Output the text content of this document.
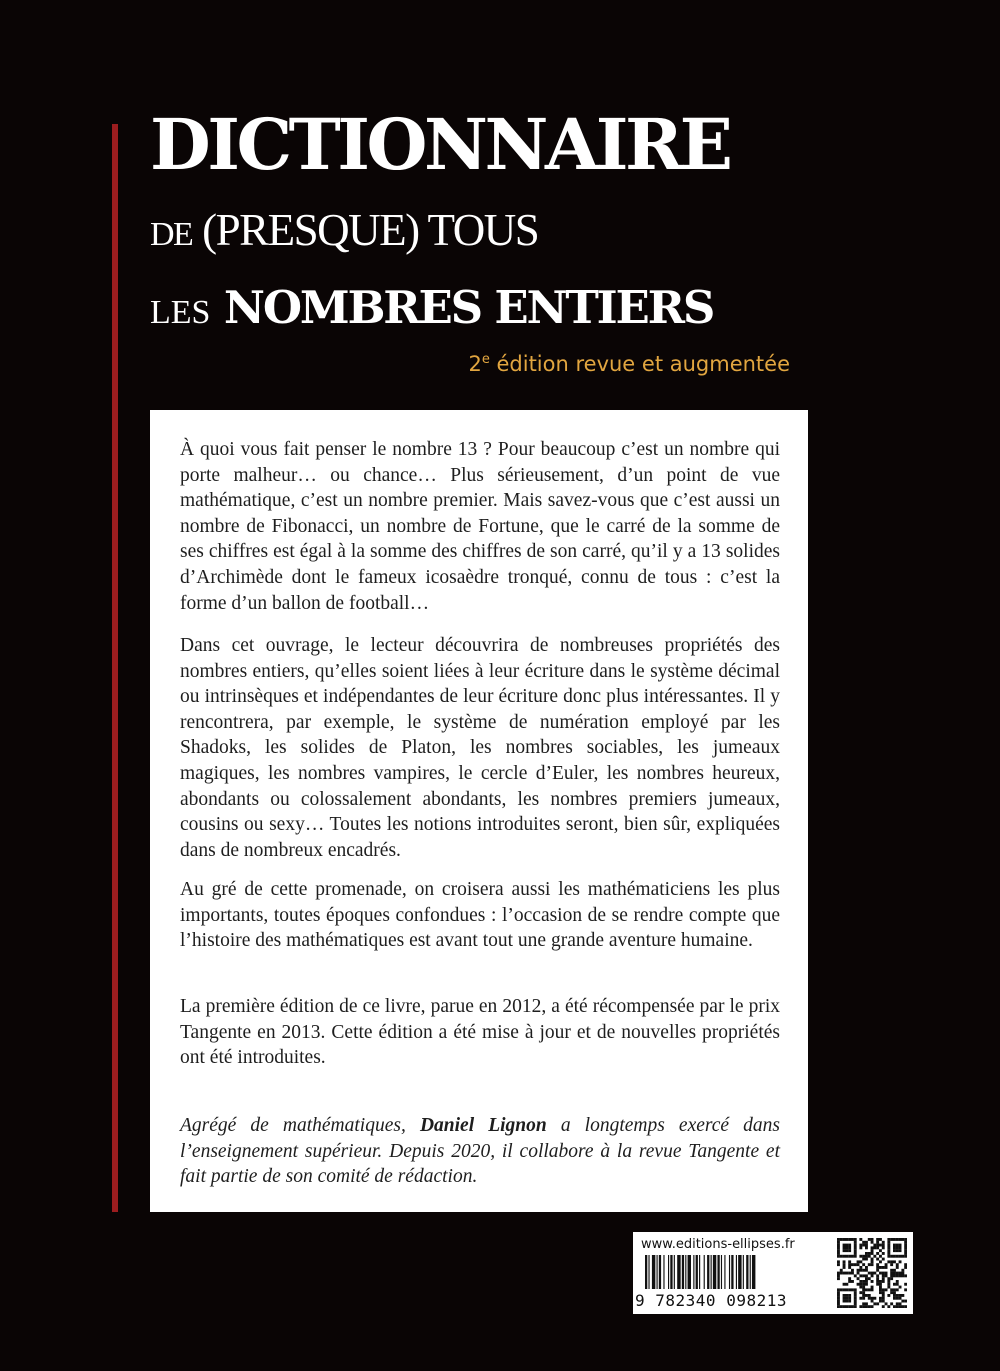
DICTIONNAIRE
DE (PRESQUE) TOUS
LES NOMBRES ENTIERS
2e édition revue et augmentée

À quoi vous fait penser le nombre 13 ? Pour beaucoup c’est un nombre qui porte malheur… ou chance… Plus sérieusement, d’un point de vue mathématique, c’est un nombre premier. Mais savez-vous que c’est aussi un nombre de Fibonacci, un nombre de Fortune, que le carré de la somme de ses chiffres est égal à la somme des chiffres de son carré, qu’il y a 13 solides d’Archimède dont le fameux icosaèdre tronqué, connu de tous : c’est la forme d’un ballon de football…

Dans cet ouvrage, le lecteur découvrira de nombreuses propriétés des nombres entiers, qu’elles soient liées à leur écriture dans le système décimal ou intrinsèques et indépendantes de leur écriture donc plus intéressantes. Il y rencontrera, par exemple, le système de numération employé par les Shadoks, les solides de Platon, les nombres sociables, les jumeaux magiques, les nombres vampires, le cercle d’Euler, les nombres heureux, abondants ou colossalement abondants, les nombres premiers jumeaux, cousins ou sexy… Toutes les notions introduites seront, bien sûr, expliquées dans de nombreux encadrés.

Au gré de cette promenade, on croisera aussi les mathématiciens les plus importants, toutes époques confondues : l’occasion de se rendre compte que l’histoire des mathématiques est avant tout une grande aventure humaine.

La première édition de ce livre, parue en 2012, a été récompensée par le prix Tangente en 2013. Cette édition a été mise à jour et de nouvelles propriétés ont été introduites.

Agrégé de mathématiques, Daniel Lignon a longtemps exercé dans l’enseignement supérieur. Depuis 2020, il collabore à la revue Tangente et fait partie de son comité de rédaction.

www.editions-ellipses.fr
9 782340 098213
